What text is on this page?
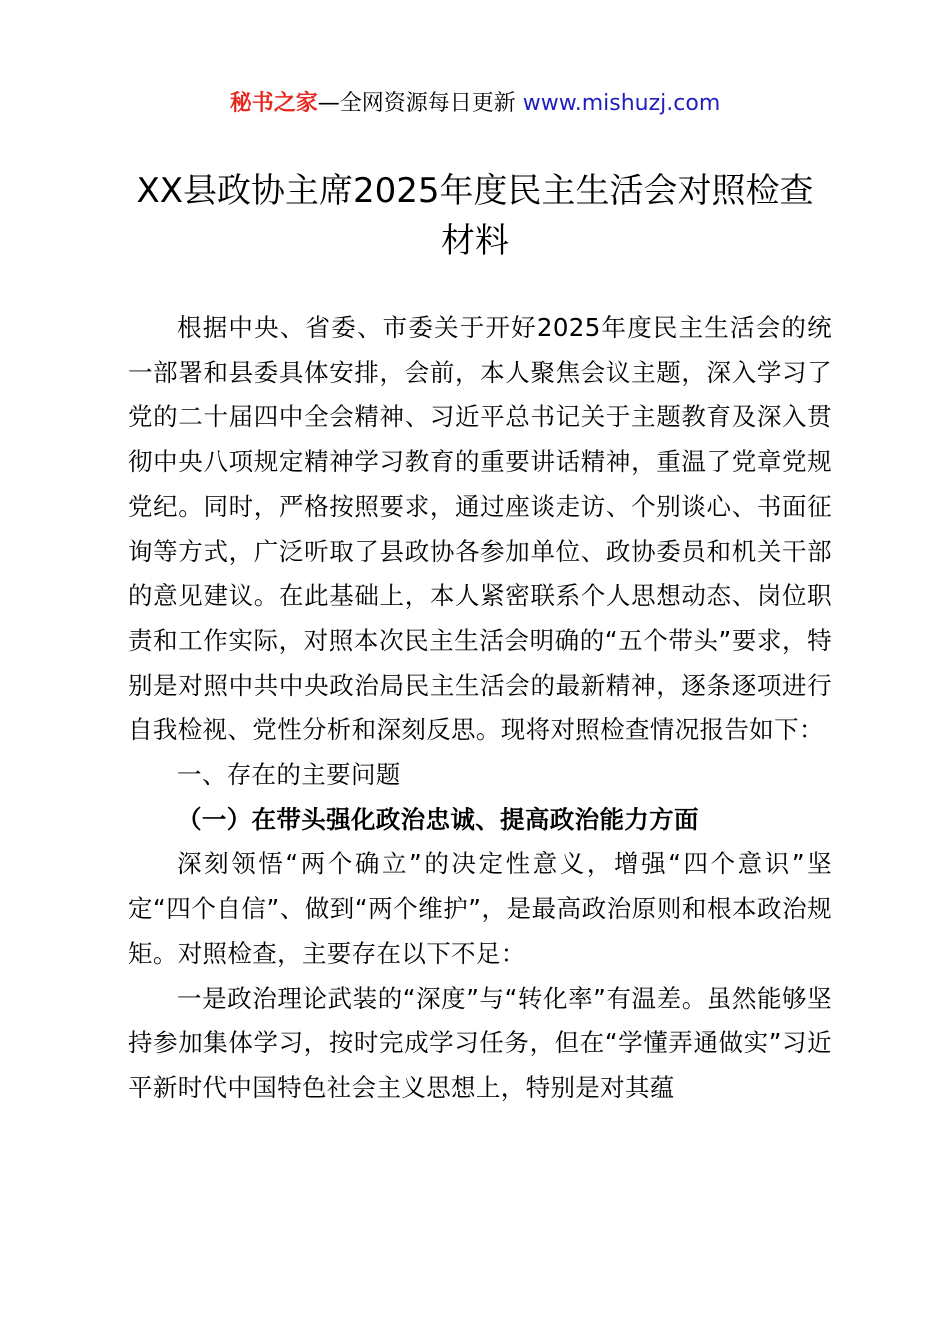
秘书之家—全网资源每日更新 www.mishuzj.com
XX县政协主席2025年度民主生活会对照检查材料

根据中央、省委、市委关于开好2025年度民主生活会的统一部署和县委具体安排，会前，本人聚焦会议主题，深入学习了党的二十届四中全会精神、习近平总书记关于主题教育及深入贯彻中央八项规定精神学习教育的重要讲话精神，重温了党章党规党纪。同时，严格按照要求，通过座谈走访、个别谈心、书面征询等方式，广泛听取了县政协各参加单位、政协委员和机关干部的意见建议。在此基础上，本人紧密联系个人思想动态、岗位职责和工作实际，对照本次民主生活会明确的“五个带头”要求，特别是对照中共中央政治局民主生活会的最新精神，逐条逐项进行自我检视、党性分析和深刻反思。现将对照检查情况报告如下：

一、存在的主要问题

（一）在带头强化政治忠诚、提高政治能力方面

深刻领悟“两个确立”的决定性意义，增强“四个意识”坚定“四个自信”、做到“两个维护”，是最高政治原则和根本政治规矩。对照检查，主要存在以下不足：

一是政治理论武装的“深度”与“转化率”有温差。虽然能够坚持参加集体学习，按时完成学习任务，但在“学懂弄通做实”习近平新时代中国特色社会主义思想上，特别是对其蕴
